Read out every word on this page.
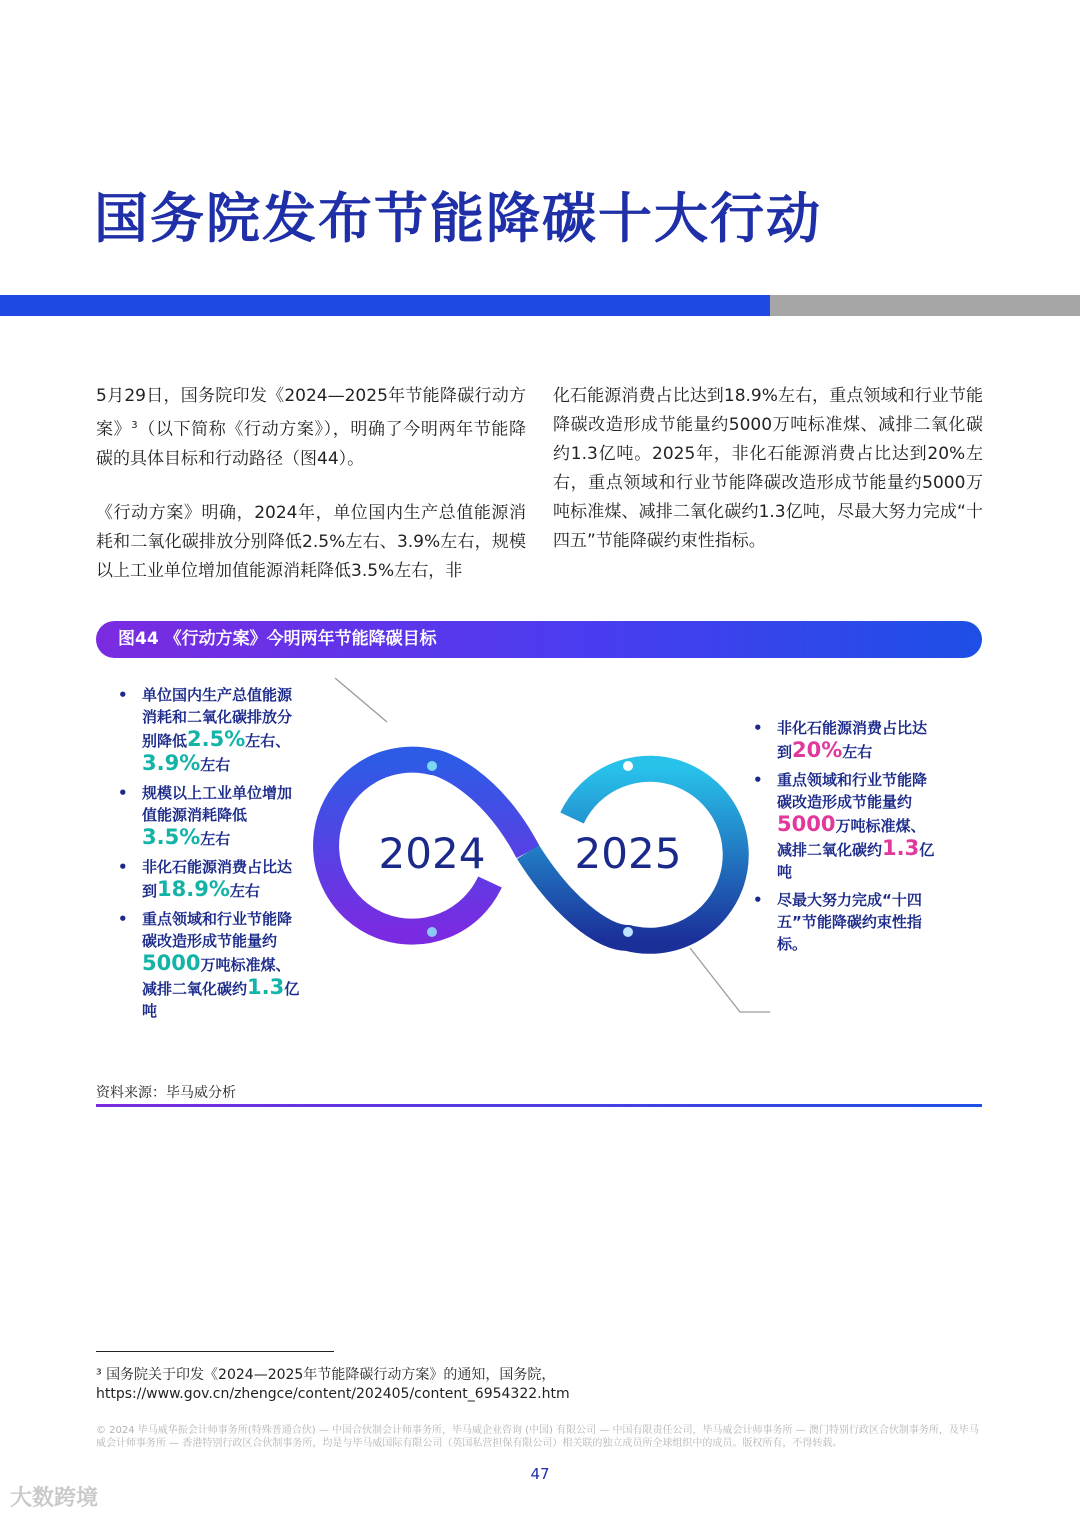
国务院发布节能降碳十大行动

5月29日，国务院印发《2024—2025年节能降碳行动方案》$^3$（以下简称《行动方案》），明确了今明两年节能降碳的具体目标和行动路径（图44）。

《行动方案》明确，2024年，单位国内生产总值能源消耗和二氧化碳排放分别降低2.5%左右、3.9%左右，规模以上工业单位增加值能源消耗降低3.5%左右，非

化石能源消费占比达到18.9%左右，重点领域和行业节能降碳改造形成节能量约5000万吨标准煤、减排二氧化碳约1.3亿吨。2025年，非化石能源消费占比达到20%左右，重点领域和行业节能降碳改造形成节能量约5000万吨标准煤、减排二氧化碳约1.3亿吨，尽最大努力完成“十四五”节能降碳约束性指标。

图44 《行动方案》今明两年节能降碳目标
2024 2025
• 单位国内生产总值能源消耗和二氧化碳排放分别降低2.5%左右、3.9%左右
• 规模以上工业单位增加值能源消耗降低3.5%左右
• 非化石能源消费占比达到18.9%左右
• 重点领域和行业节能降碳改造形成节能量约5000万吨标准煤、减排二氧化碳约1.3亿吨
• 非化石能源消费占比达到20%左右
• 重点领域和行业节能降碳改造形成节能量约5000万吨标准煤、减排二氧化碳约1.3亿吨
• 尽最大努力完成“十四五”节能降碳约束性指标。
资料来源：毕马威分析
³ 国务院关于印发《2024—2025年节能降碳行动方案》的通知，国务院，
https://www.gov.cn/zhengce/content/202405/content_6954322.htm
© 2024 毕马威华振会计师事务所(特殊普通合伙) — 中国合伙制会计师事务所，毕马威企业咨询 (中国) 有限公司 — 中国有限责任公司，毕马威会计师事务所 — 澳门特别行政区合伙制事务所，及毕马威会计师事务所 — 香港特别行政区合伙制事务所，均是与毕马威国际有限公司（英国私营担保有限公司）相关联的独立成员所全球组织中的成员。版权所有，不得转载。
47
大数跨境
